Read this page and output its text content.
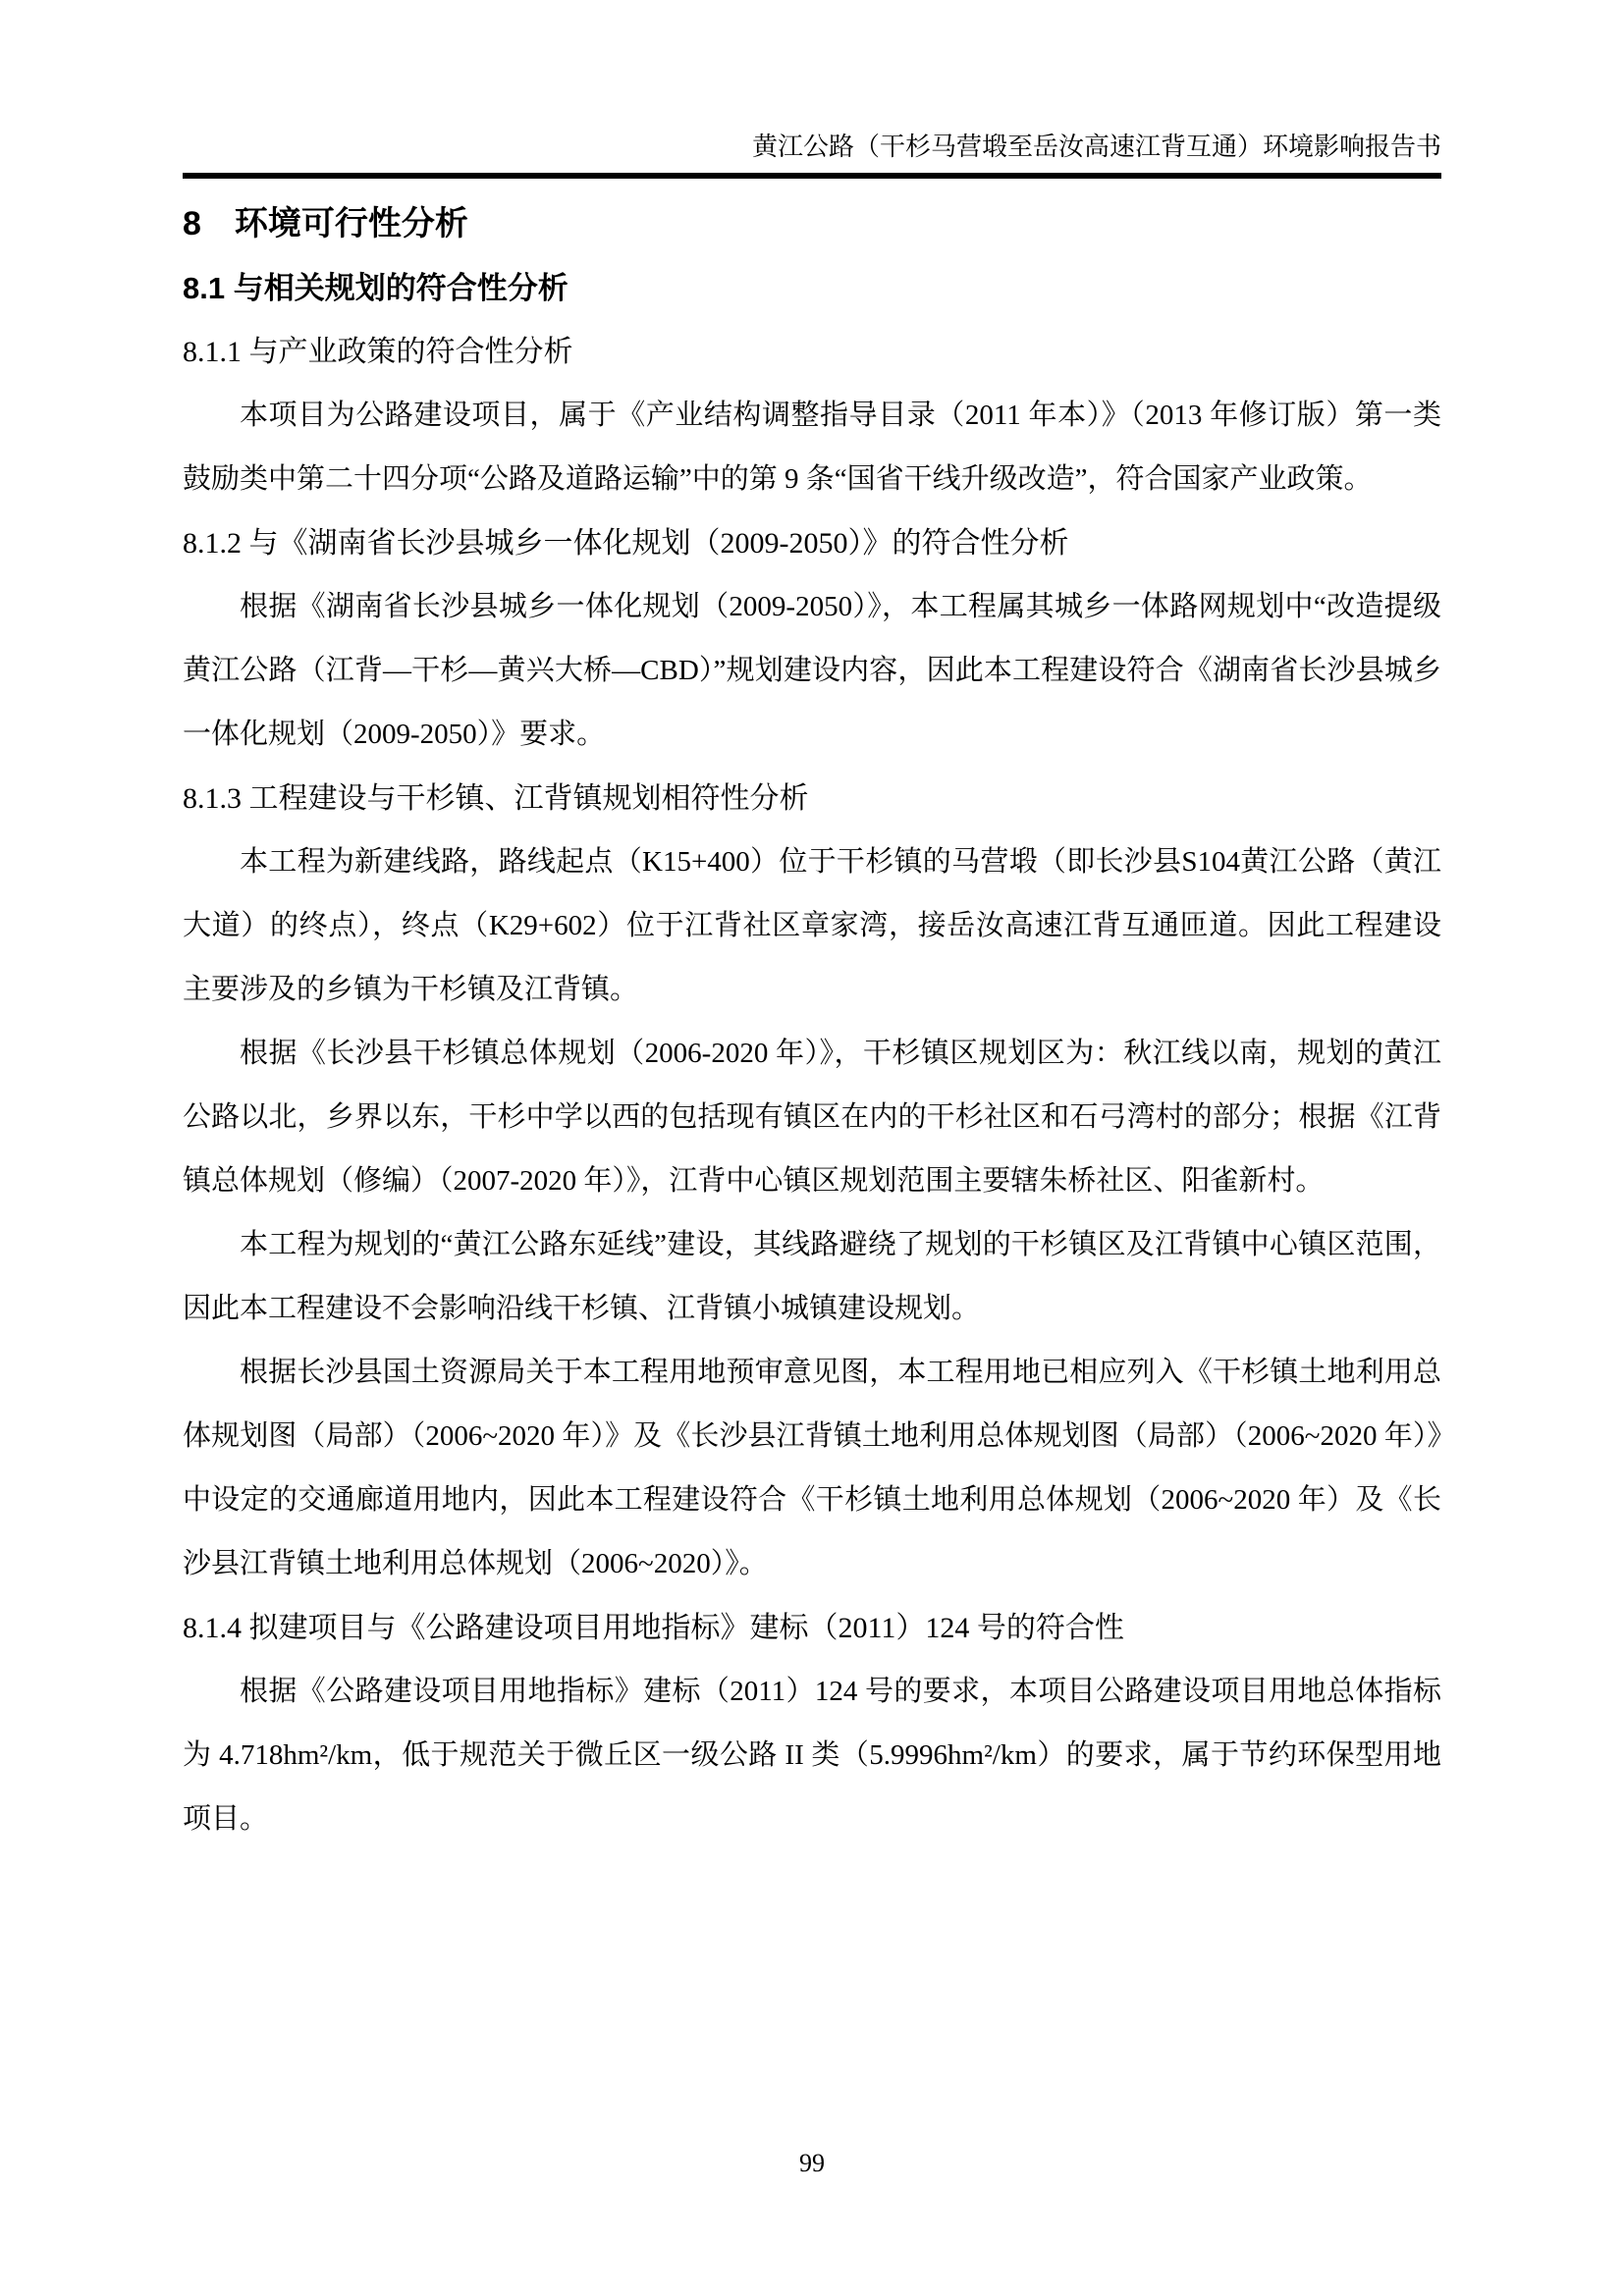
黄江公路（干杉马营塅至岳汝高速江背互通）环境影响报告书
8　环境可行性分析
8.1 与相关规划的符合性分析
8.1.1 与产业政策的符合性分析

本项目为公路建设项目，属于《产业结构调整指导目录（2011 年本）》（2013 年修订版）第一类鼓励类中第二十四分项“公路及道路运输”中的第 9 条“国省干线升级改造”，符合国家产业政策。

8.1.2 与《湖南省长沙县城乡一体化规划（2009-2050）》的符合性分析

根据《湖南省长沙县城乡一体化规划（2009-2050）》，本工程属其城乡一体路网规划中“改造提级黄江公路（江背—干杉—黄兴大桥—CBD）”规划建设内容，因此本工程建设符合《湖南省长沙县城乡一体化规划（2009-2050）》要求。

8.1.3 工程建设与干杉镇、江背镇规划相符性分析

本工程为新建线路，路线起点（K15+400）位于干杉镇的马营塅（即长沙县S104黄江公路（黄江大道）的终点），终点（K29+602）位于江背社区章家湾，接岳汝高速江背互通匝道。因此工程建设主要涉及的乡镇为干杉镇及江背镇。

根据《长沙县干杉镇总体规划（2006-2020 年）》，干杉镇区规划区为：秋江线以南，规划的黄江公路以北，乡界以东，干杉中学以西的包括现有镇区在内的干杉社区和石弓湾村的部分；根据《江背镇总体规划（修编）（2007-2020 年）》，江背中心镇区规划范围主要辖朱桥社区、阳雀新村。

本工程为规划的“黄江公路东延线”建设，其线路避绕了规划的干杉镇区及江背镇中心镇区范围，因此本工程建设不会影响沿线干杉镇、江背镇小城镇建设规划。

根据长沙县国土资源局关于本工程用地预审意见图，本工程用地已相应列入《干杉镇土地利用总体规划图（局部）（2006~2020 年）》及《长沙县江背镇土地利用总体规划图（局部）（2006~2020 年）》中设定的交通廊道用地内，因此本工程建设符合《干杉镇土地利用总体规划（2006~2020 年）及《长沙县江背镇土地利用总体规划（2006~2020）》。

8.1.4 拟建项目与《公路建设项目用地指标》建标（2011）124 号的符合性

根据《公路建设项目用地指标》建标（2011）124 号的要求，本项目公路建设项目用地总体指标为 4.718hm²/km，低于规范关于微丘区一级公路 II 类（5.9996hm²/km）的要求，属于节约环保型用地项目。

99
